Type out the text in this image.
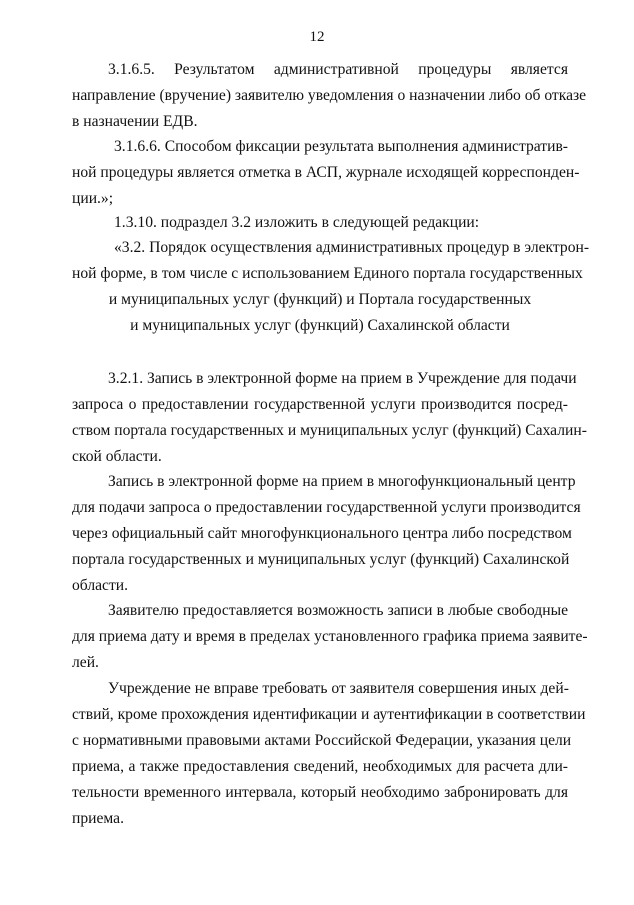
12
3.1.6.5. Результатом административной процедуры является
направление (вручение) заявителю уведомления о назначении либо об отказе
в назначении ЕДВ.
3.1.6.6. Способом фиксации результата выполнения административ-
ной процедуры является отметка в АСП, журнале исходящей корреспонден-
ции.»;
1.3.10. подраздел 3.2 изложить в следующей редакции:
«3.2. Порядок осуществления административных процедур в электрон-
ной форме, в том числе с использованием Единого портала государственных
и муниципальных услуг (функций) и Портала государственных
и муниципальных услуг (функций) Сахалинской области
3.2.1. Запись в электронной форме на прием в Учреждение для подачи
запроса о предоставлении государственной услуги производится посред-
ством портала государственных и муниципальных услуг (функций) Сахалин-
ской области.
Запись в электронной форме на прием в многофункциональный центр
для подачи запроса о предоставлении государственной услуги производится
через официальный сайт многофункционального центра либо посредством
портала государственных и муниципальных услуг (функций) Сахалинской
области.
Заявителю предоставляется возможность записи в любые свободные
для приема дату и время в пределах установленного графика приема заявите-
лей.
Учреждение не вправе требовать от заявителя совершения иных дей-
ствий, кроме прохождения идентификации и аутентификации в соответствии
с нормативными правовыми актами Российской Федерации, указания цели
приема, а также предоставления сведений, необходимых для расчета дли-
тельности временного интервала, который необходимо забронировать для
приема.
